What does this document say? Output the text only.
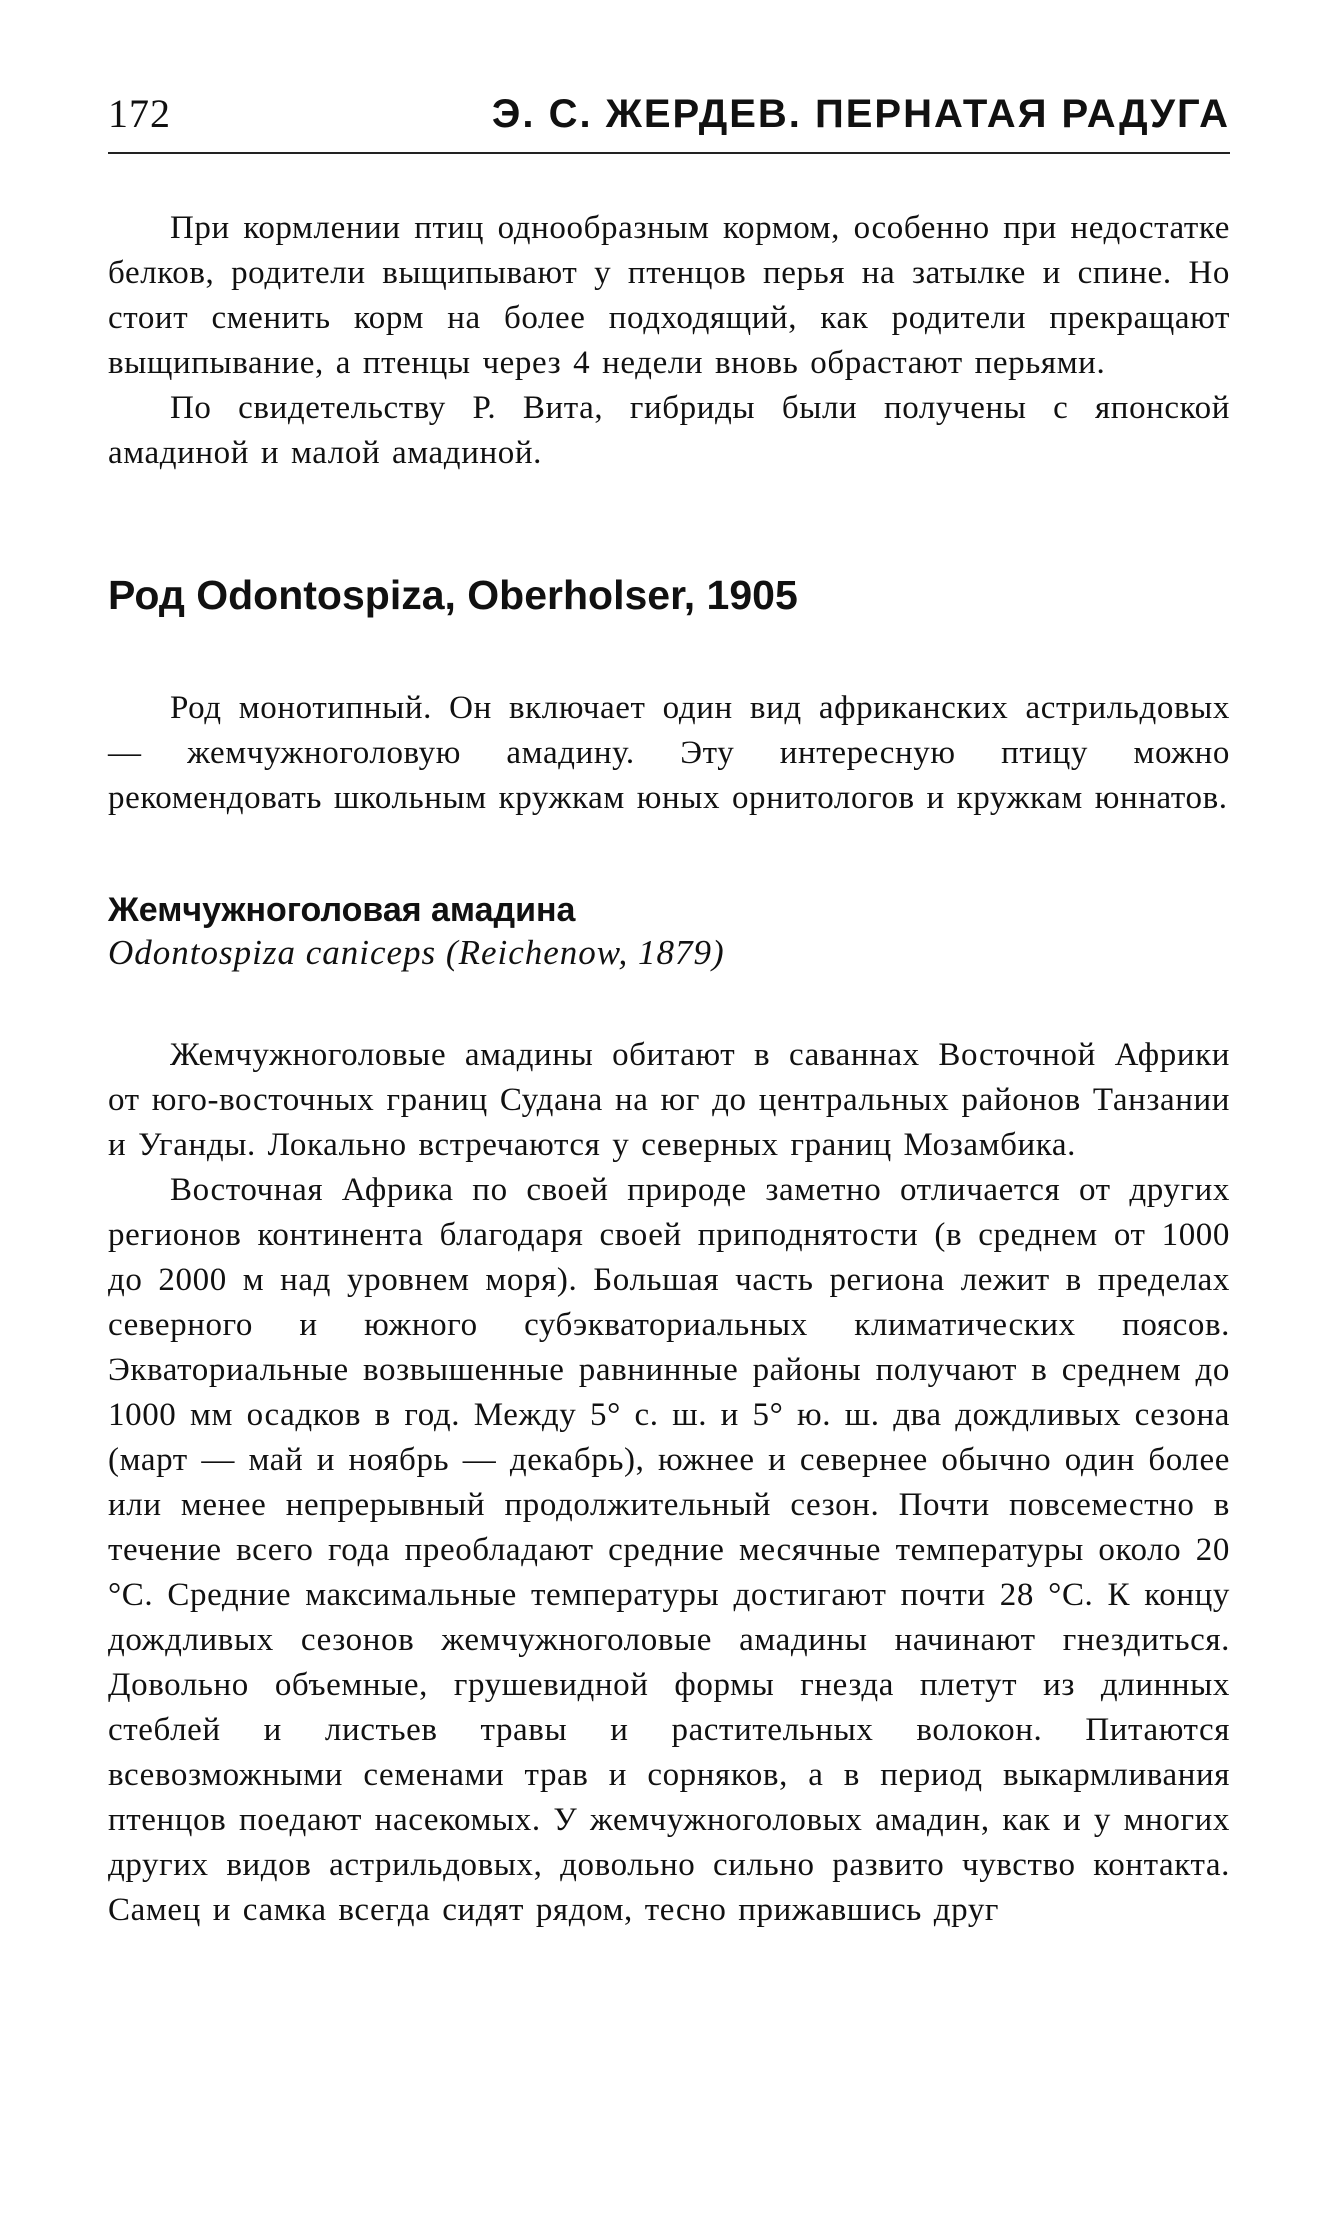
172	Э. С. ЖЕРДЕВ. ПЕРНАТАЯ РАДУГА

При кормлении птиц однообразным кормом, особенно при недостатке белков, родители выщипывают у птенцов перья на затылке и спине. Но стоит сменить корм на более подходящий, как родители прекращают выщипывание, а птенцы через 4 недели вновь обрастают перьями.

По свидетельству Р. Вита, гибриды были получены с японской амадиной и малой амадиной.

Род Odontospiza, Oberholser, 1905

Род монотипный. Он включает один вид африканских астрильдовых — жемчужноголовую амадину. Эту интересную птицу можно рекомендовать школьным кружкам юных орнитологов и кружкам юннатов.

Жемчужноголовая амадина
Odontospiza caniceps (Reichenow, 1879)

Жемчужноголовые амадины обитают в саваннах Восточной Африки от юго-восточных границ Судана на юг до центральных районов Танзании и Уганды. Локально встречаются у северных границ Мозамбика.

Восточная Африка по своей природе заметно отличается от других регионов континента благодаря своей приподнятости (в среднем от 1000 до 2000 м над уровнем моря). Большая часть региона лежит в пределах северного и южного субэкваториальных климатических поясов. Экваториальные возвышенные равнинные районы получают в среднем до 1000 мм осадков в год. Между 5° с. ш. и 5° ю. ш. два дождливых сезона (март — май и ноябрь — декабрь), южнее и севернее обычно один более или менее непрерывный продолжительный сезон. Почти повсеместно в течение всего года преобладают средние месячные температуры около 20 °С. Средние максимальные температуры достигают почти 28 °С. К концу дождливых сезонов жемчужноголовые амадины начинают гнездиться. Довольно объемные, грушевидной формы гнезда плетут из длинных стеблей и листьев травы и растительных волокон. Питаются всевозможными семенами трав и сорняков, а в период выкармливания птенцов поедают насекомых. У жемчужноголовых амадин, как и у многих других видов астрильдовых, довольно сильно развито чувство контакта. Самец и самка всегда сидят рядом, тесно прижавшись друг
